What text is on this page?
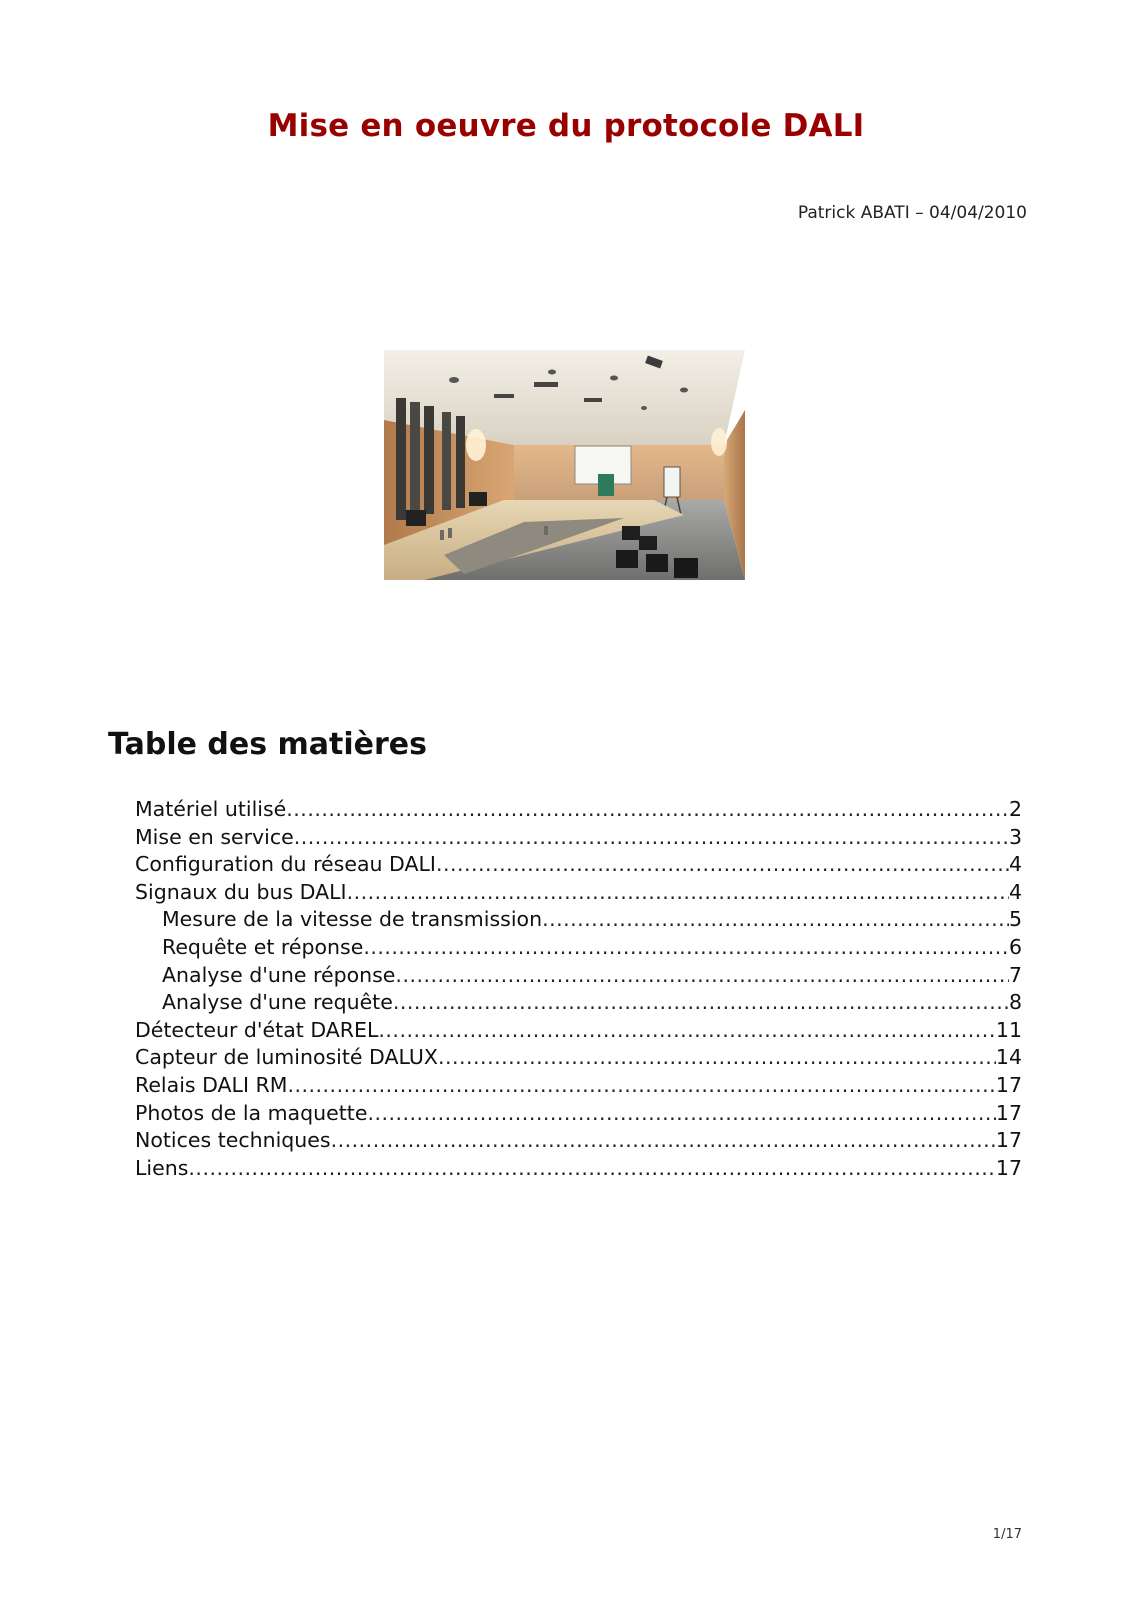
Mise en oeuvre du protocole DALI
Patrick ABATI – 04/04/2010
Table des matières
Matériel utilisé .....	2
Mise en service .....	3
Configuration du réseau DALI .....	4
Signaux du bus DALI .....	4
Mesure de la vitesse de transmission .....	5
Requête et réponse .....	6
Analyse d'une réponse .....	7
Analyse d'une requête .....	8
Détecteur d'état DAREL .....	11
Capteur de luminosité DALUX .....	14
Relais DALI RM .....	17
Photos de la maquette .....	17
Notices techniques .....	17
Liens .....	17
1/17
